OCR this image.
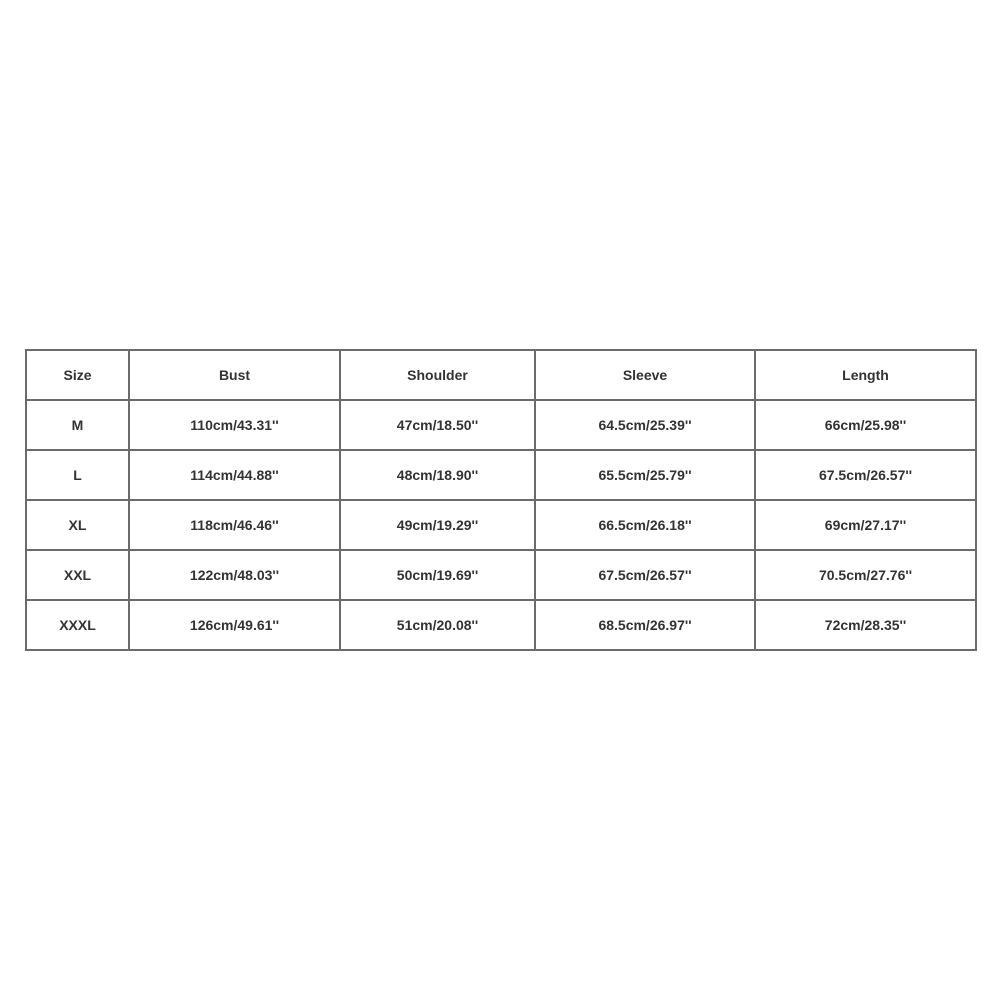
Size	Bust	Shoulder	Sleeve	Length
M	110cm/43.31''	47cm/18.50''	64.5cm/25.39''	66cm/25.98''
L	114cm/44.88''	48cm/18.90''	65.5cm/25.79''	67.5cm/26.57''
XL	118cm/46.46''	49cm/19.29''	66.5cm/26.18''	69cm/27.17''
XXL	122cm/48.03''	50cm/19.69''	67.5cm/26.57''	70.5cm/27.76''
XXXL	126cm/49.61''	51cm/20.08''	68.5cm/26.97''	72cm/28.35''
